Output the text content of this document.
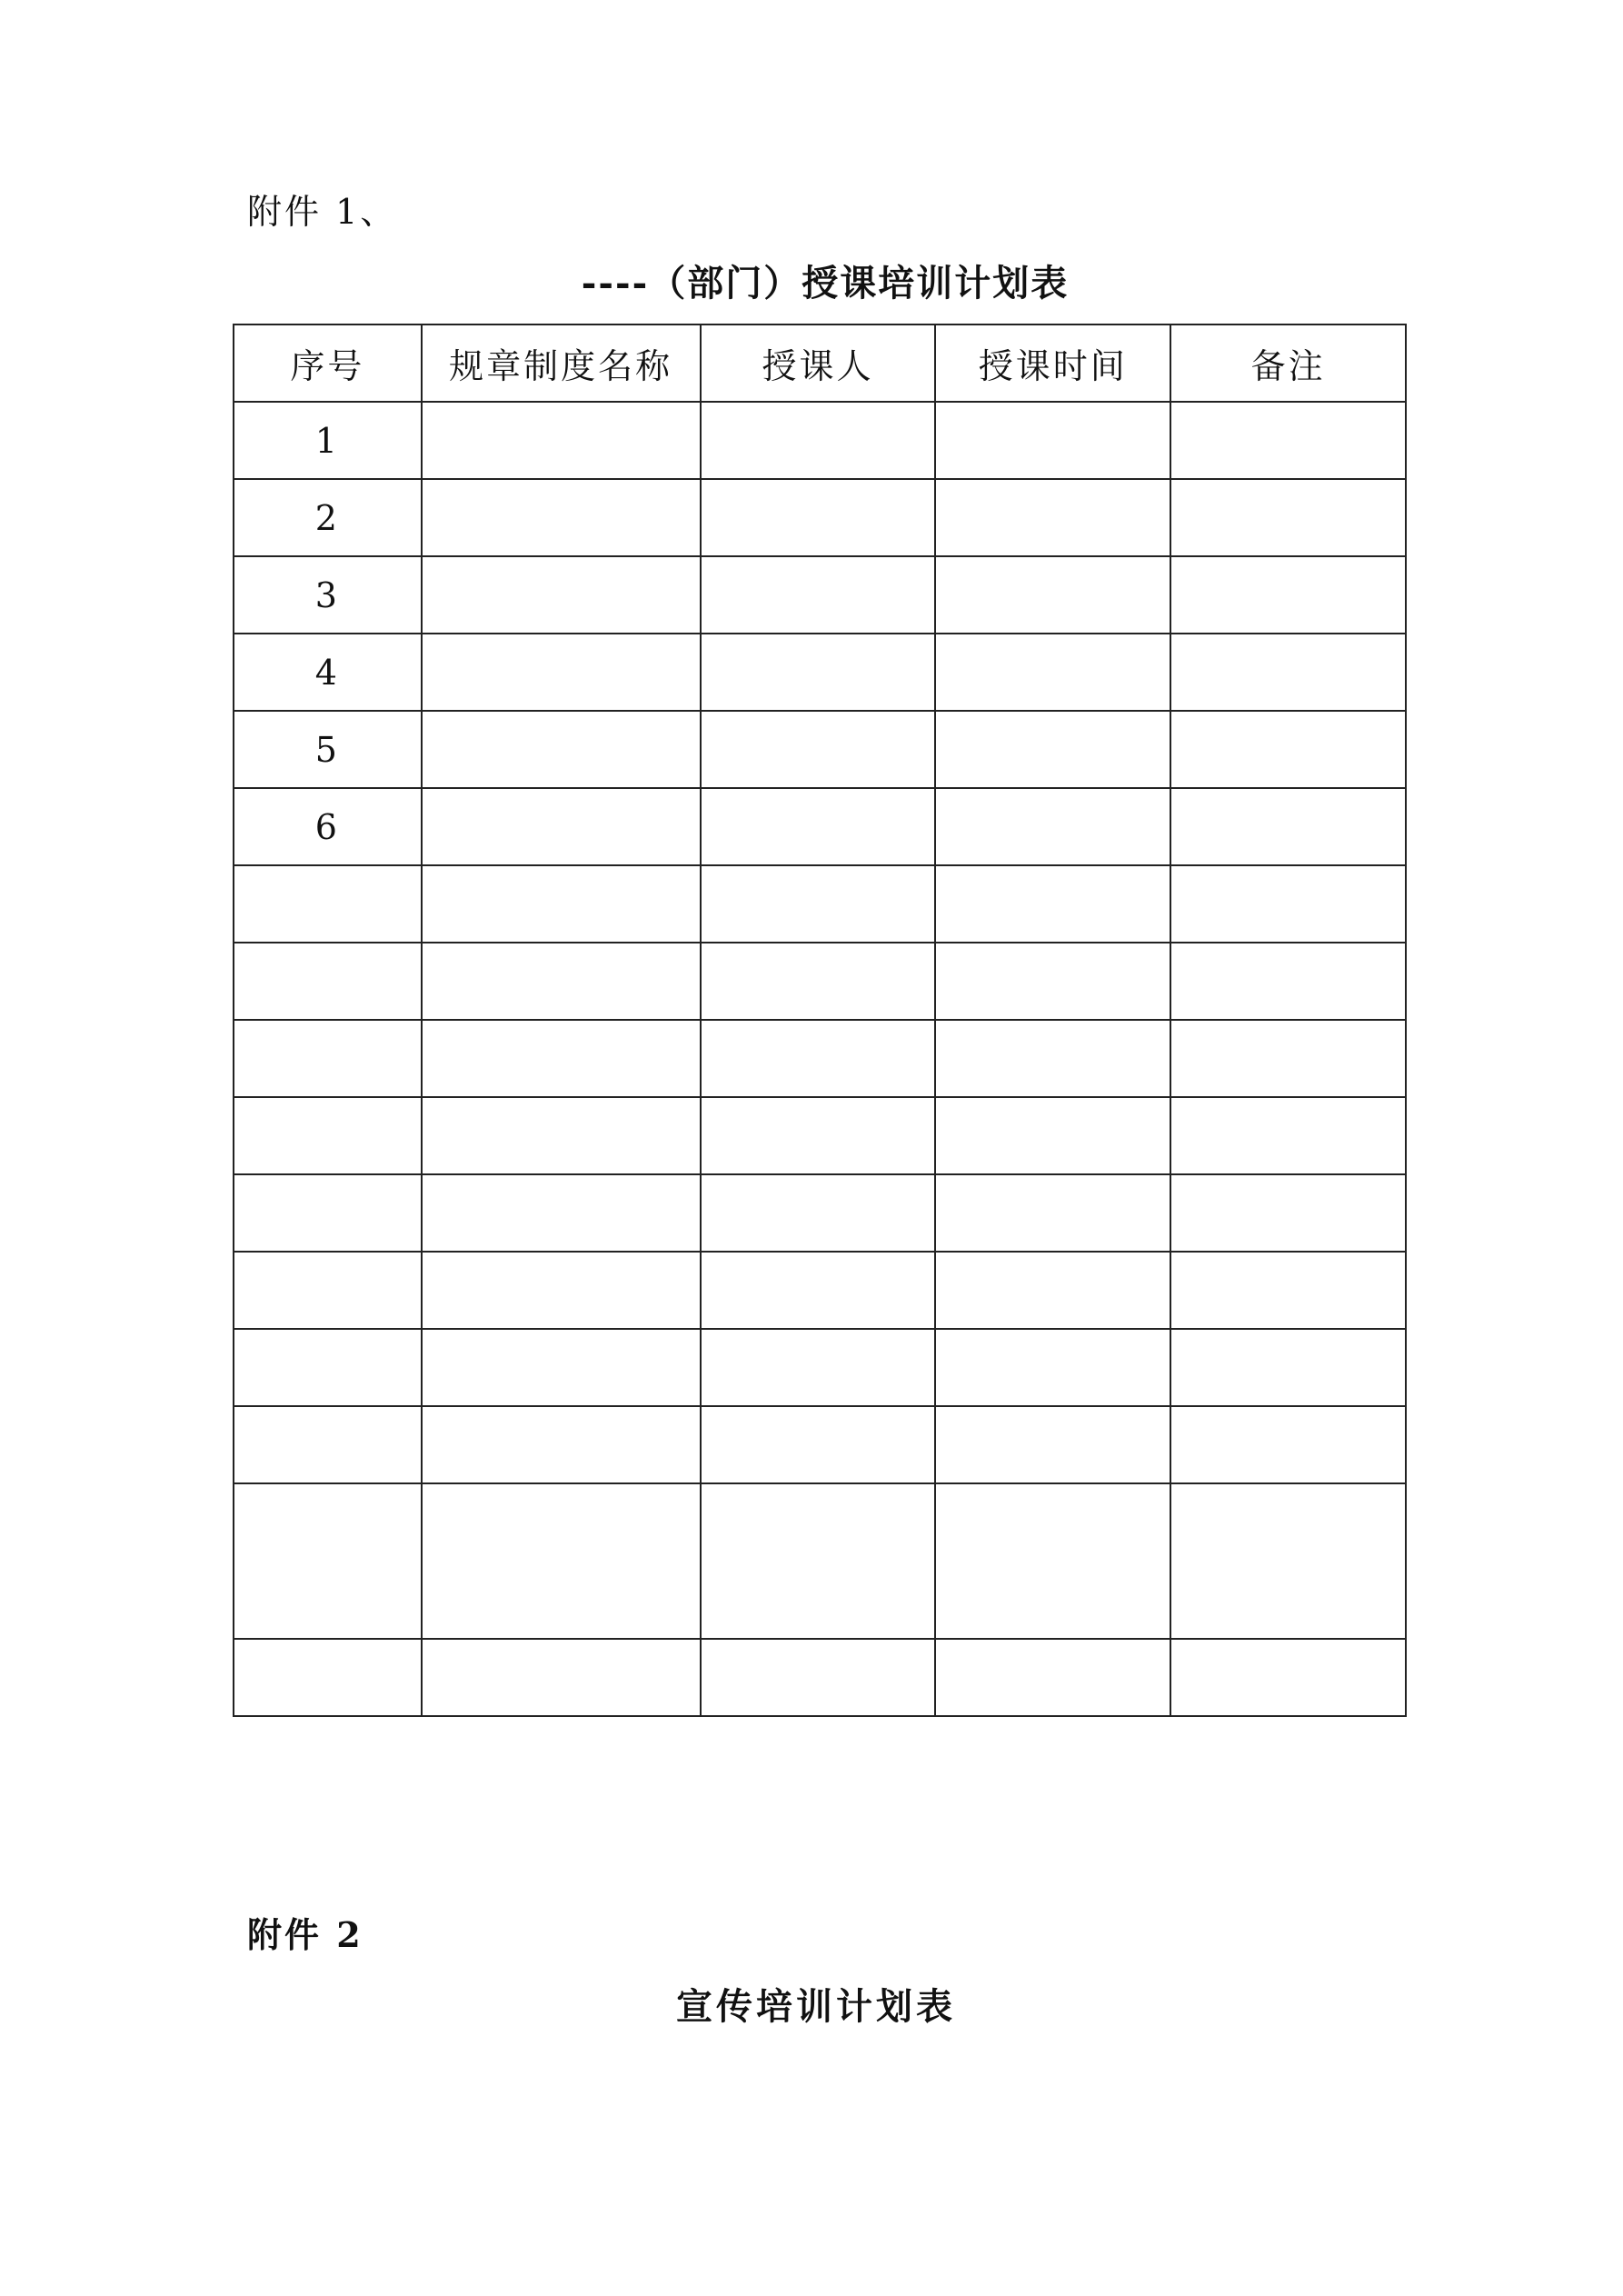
附件 1、
----（部门）授课培训计划表
序号	规章制度名称	授课人	授课时间	备注
1				
2				
3				
4				
5				
6				

附件 2
宣传培训计划表
